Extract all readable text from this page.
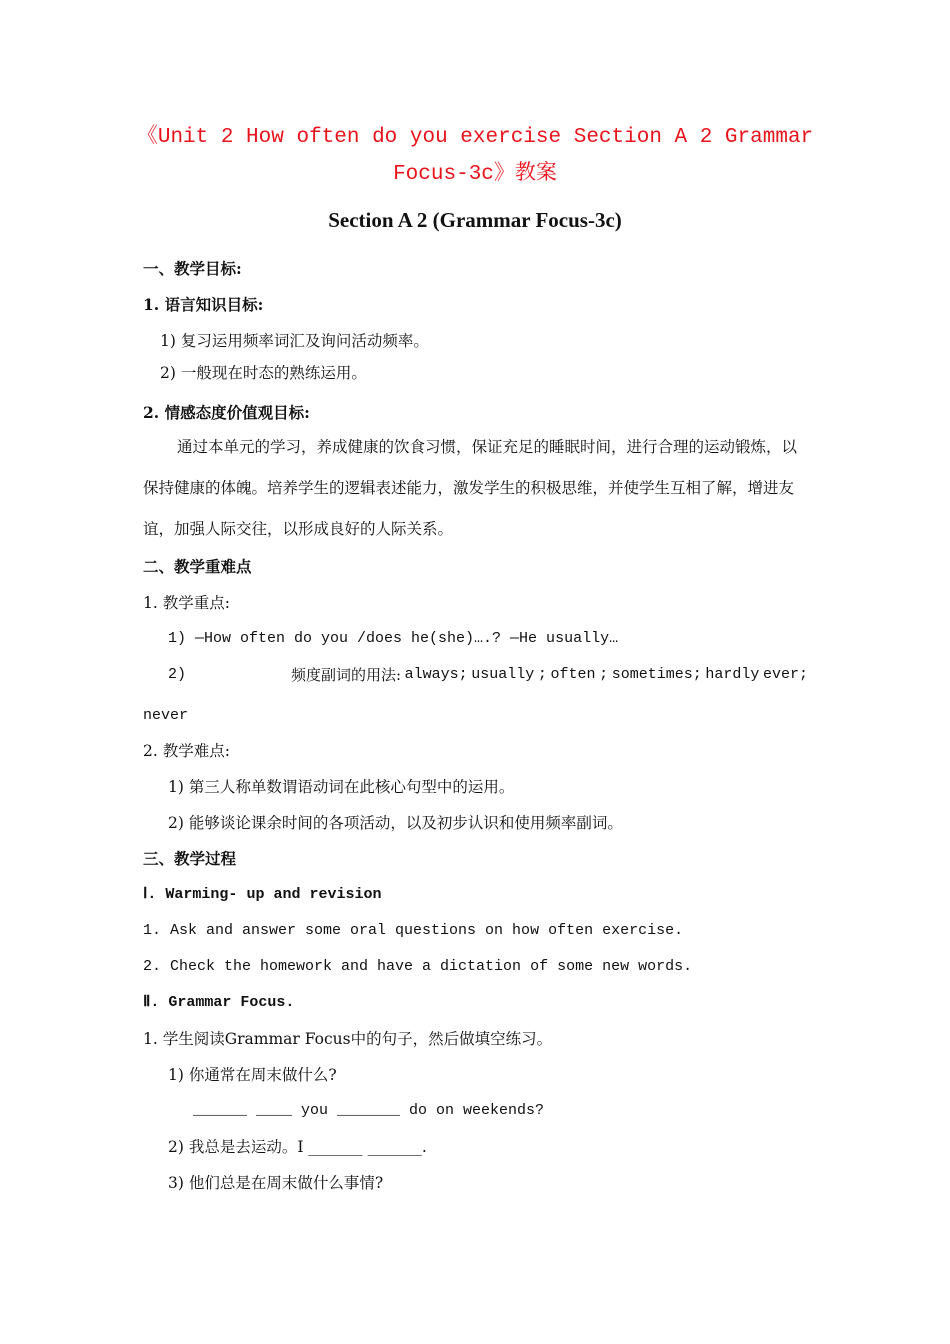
《Unit 2 How often do you exercise Section A 2 Grammar
Focus-3c》教案
Section A 2 (Grammar Focus-3c)
一、教学目标:
1. 语言知识目标:
1) 复习运用频率词汇及询问活动频率。
2) 一般现在时态的熟练运用。
2. 情感态度价值观目标:
通过本单元的学习，养成健康的饮食习惯，保证充足的睡眠时间，进行合理的运动锻炼，以保持健康的体魄。培养学生的逻辑表述能力，激发学生的积极思维，并使学生互相了解，增进友谊，加强人际交往，以形成良好的人际关系。
二、教学重难点
1. 教学重点:
1) —How often do you /does he(she)….? —He usually…
2)	频度副词的用法: always; usually ; often ; sometimes; hardly ever;
never
2. 教学难点:
1) 第三人称单数谓语动词在此核心句型中的运用。
2) 能够谈论课余时间的各项活动，以及初步认识和使用频率副词。
三、教学过程
Ⅰ. Warming- up and revision
1. Ask and answer some oral questions on how often exercise.
2. Check the homework and have a dictation of some new words.
Ⅱ. Grammar Focus.
1. 学生阅读Grammar Focus中的句子，然后做填空练习。
1) 你通常在周末做什么?
______ ____ you _______ do on weekends?
2) 我总是去运动。I _______ _______.
3) 他们总是在周末做什么事情?
